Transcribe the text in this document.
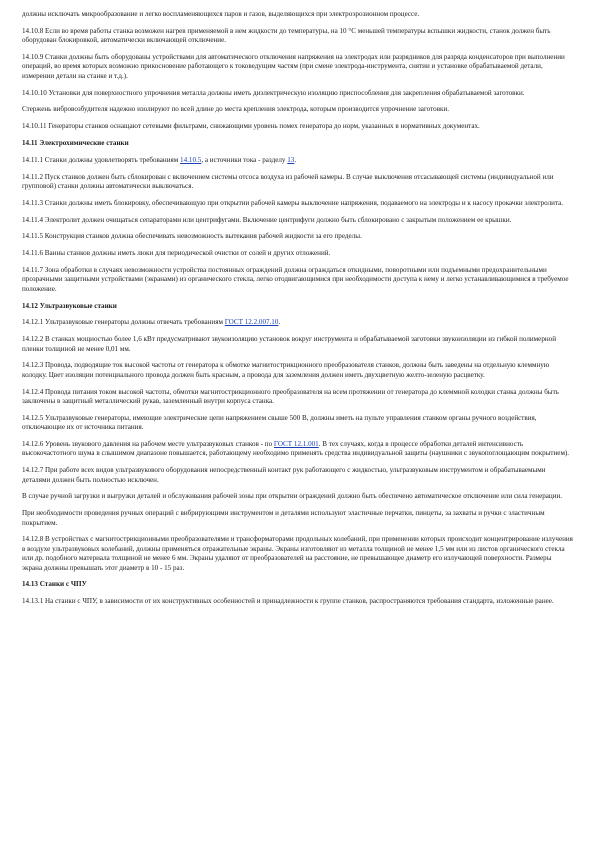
должны исключать микрообразование и легко воспламеняющихся паров и газов, выделяющихся при электроэрозионном процессе.

14.10.8 Если во время работы станка возможен нагрев применяемой в нем жидкости до температуры, на 10 °С меньшей температуры вспышки жидкости, станок должен быть оборудован блокировкой, автоматически включающей отключение.

14.10.9 Станки должны быть оборудованы устройствами для автоматического отключения напряжения на электродах или разрядников для разряда конденсаторов при выполнении операций, во время которых возможно прикосновение работающего к токоведущим частям (при смене электрода-инструмента, снятии и установке обрабатываемой детали, измерении детали на станке и т.д.).

14.10.10 Установки для поверхностного упрочнения металла должны иметь диэлектрическую изоляцию приспособления для закрепления обрабатываемой заготовки.

Стержень вибровозбудителя надежно изолируют по всей длине до места крепления электрода, которым производится упрочнение заготовки.

14.10.11 Генераторы станков оснащают сетевыми фильтрами, снижающими уровень помех генератора до норм, указанных в нормативных документах.

14.11 Электрохимические станки

14.11.1 Станки должны удовлетворять требованиям 14.10.5, а источники тока - разделу 13.

14.11.2 Пуск станков должен быть сблокирован с включением системы отсоса воздуха из рабочей камеры. В случае выключения отсасывающей системы (индивидуальной или групповой) станки должны автоматически выключаться.

14.11.3 Станки должны иметь блокировку, обеспечивающую при открытии рабочей камеры выключение напряжения, подаваемого на электроды и к насосу прокачки электролита.

14.11.4 Электролит должен очищаться сепараторами или центрифугами. Включение центрифуги должно быть сблокировано с закрытым положением ее крышки.

14.11.5 Конструкция станков должна обеспечивать невозможность вытекания рабочей жидкости за его пределы.

14.11.6 Ванны станков должны иметь люки для периодической очистки от солей и других отложений.

14.11.7 Зона обработки в случаях невозможности устройства постоянных ограждений должна ограждаться откидными, поворотными или подъемными предохранительными прозрачными защитными устройствами (экранами) из органического стекла, легко отодвигающимися при необходимости доступа к нему и легко устанавливающимися в требуемое положение.

14.12 Ультразвуковые станки

14.12.1 Ультразвуковые генераторы должны отвечать требованиям ГОСТ 12.2.007.10.

14.12.2 В станках мощностью более 1,6 кВт предусматривают звукоизоляцию установок вокруг инструмента и обрабатываемой заготовки звукоизоляции из гибкой полимерной пленки толщиной не менее 0,01 мм.

14.12.3 Провода, подводящие ток высокой частоты от генератора к обмотке магнитострикционного преобразователя станков, должны быть заведены на отдельную клеммную колодку. Цвет изоляции потенциального провода должен быть красным, а провода для заземления должен иметь двухцветную желто-зеленую расцветку.

14.12.4 Провода питания током высокой частоты, обмотки магнитострикционного преобразователя на всем протяжении от генератора до клеммной колодки станка должны быть заключены в защитный металлический рукав, заземленный внутри корпуса станка.

14.12.5 Ультразвуковые генераторы, имеющие электрические цепи напряжением свыше 500 В, должны иметь на пульте управления станком органы ручного воздействия, отключающие их от источника питания.

14.12.6 Уровень звукового давления на рабочем месте ультразвуковых станков - по ГОСТ 12.1.001. В тех случаях, когда в процессе обработки деталей интенсивность высокочастотного шума в слышимом диапазоне повышается, работающему необходимо применять средства индивидуальной защиты (наушники с звукопоглощающим покрытием).

14.12.7 При работе всех видов ультразвукового оборудования непосредственный контакт рук работающего с жидкостью, ультразвуковым инструментом и обрабатываемыми деталями должен быть полностью исключен.

В случае ручной загрузки и выгрузки деталей и обслуживания рабочей зоны при открытии ограждений должно быть обеспечено автоматическое отключение или сила генерации.

При необходимости проведения ручных операций с вибрирующими инструментом и деталями используют эластичные перчатки, пинцеты, за захваты и ручки с эластичным покрытием.

14.12.8 В устройствах с магнитострикционными преобразователями и трансформаторами продольных колебаний, при применении которых происходит концентрирование излучения в воздухе ультразвуковых колебаний, должны применяться отражательные экраны. Экраны изготовляют из металла толщиной не менее 1,5 мм или из листов органического стекла или др. подобного материала толщиной не менее 6 мм. Экраны удаляют от преобразователей на расстояние, не превышающее диаметр его излучающей поверхности. Размеры экрана должны превышать этот диаметр в 10 - 15 раз.

14.13 Станки с ЧПУ

14.13.1 На станки с ЧПУ, в зависимости от их конструктивных особенностей и принадлежности к группе станков, распространяются требования стандарта, изложенные ранее.
